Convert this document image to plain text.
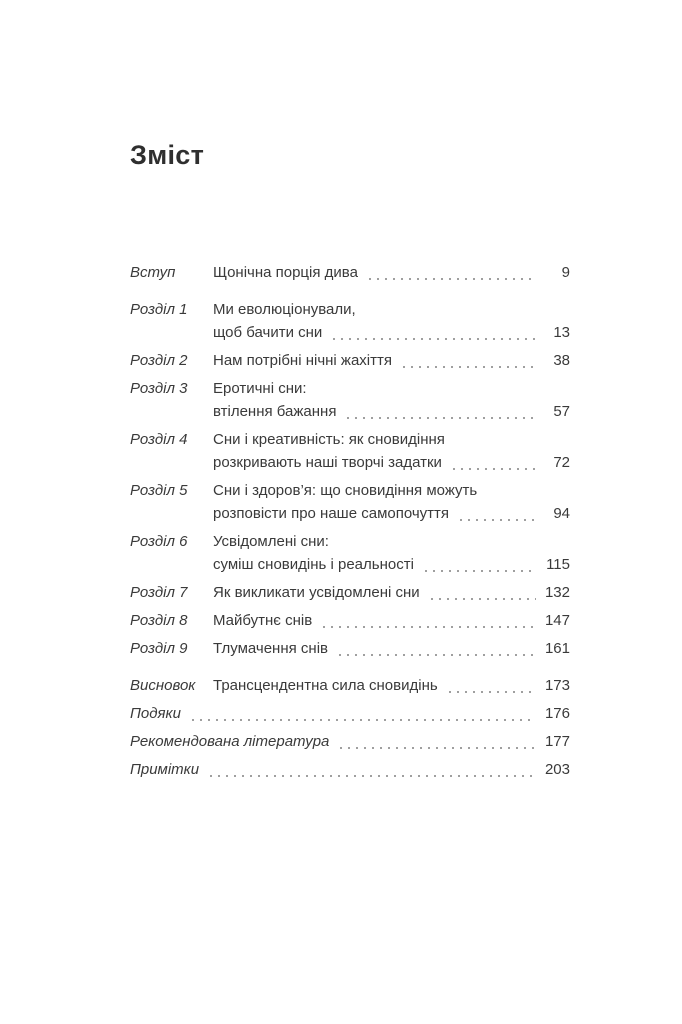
Зміст
Вступ	Щонічна порція дива	9
Розділ 1	Ми еволюціонували,
щоб бачити сни	13
Розділ 2	Нам потрібні нічні жахіття	38
Розділ 3	Еротичні сни:
втілення бажання	57
Розділ 4	Сни і креативність: як сновидіння
розкривають наші творчі задатки	72
Розділ 5	Сни і здоров’я: що сновидіння можуть
розповісти про наше самопочуття	94
Розділ 6	Усвідомлені сни:
суміш сновидінь і реальності	115
Розділ 7	Як викликати усвідомлені сни	132
Розділ 8	Майбутнє снів	147
Розділ 9	Тлумачення снів	161
Висновок	Трансцендентна сила сновидінь	173
Подяки	176
Рекомендована література	177
Примітки	203
